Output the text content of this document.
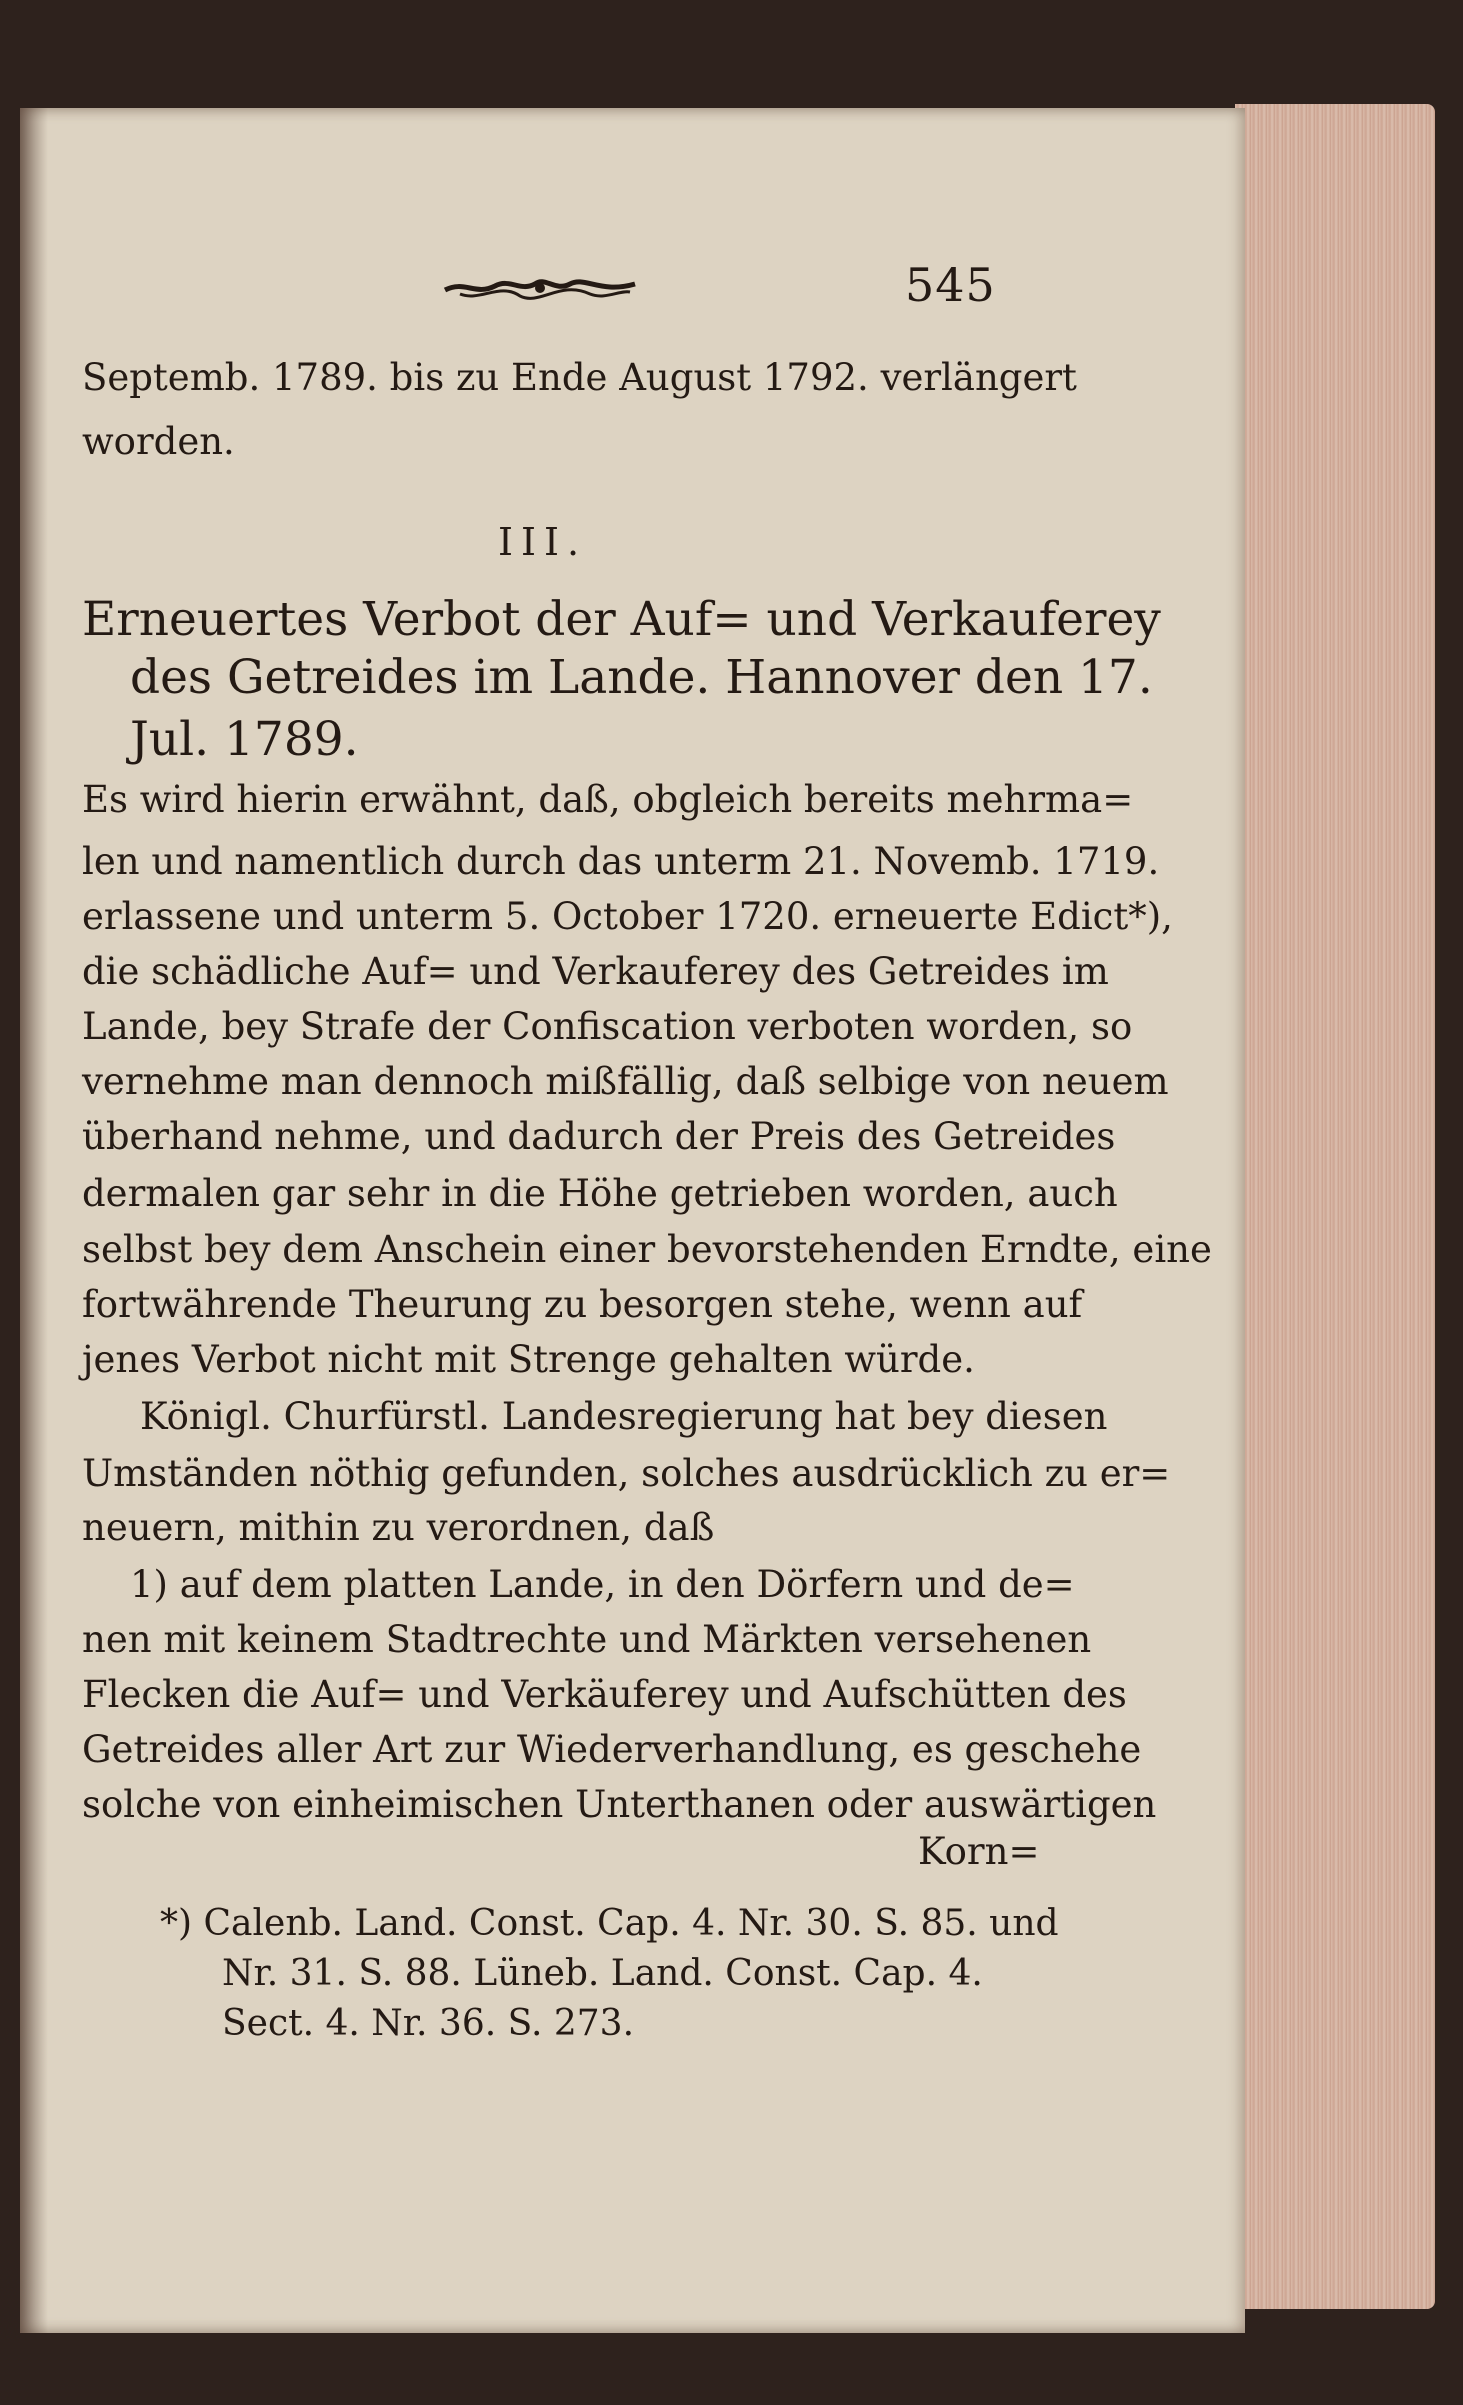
545
Septemb. 1789. bis zu Ende August 1792. verlängert
worden.
III.
Erneuertes Verbot der Auf= und Verkauferey
des Getreides im Lande. Hannover den 17.
Jul. 1789.
Es wird hierin erwähnt, daß, obgleich bereits mehrma=
len und namentlich durch das unterm 21. Novemb. 1719.
erlassene und unterm 5. October 1720. erneuerte Edict*),
die schädliche Auf= und Verkauferey des Getreides im
Lande, bey Strafe der Confiscation verboten worden, so
vernehme man dennoch mißfällig, daß selbige von neuem
überhand nehme, und dadurch der Preis des Getreides
dermalen gar sehr in die Höhe getrieben worden, auch
selbst bey dem Anschein einer bevorstehenden Erndte, eine
fortwährende Theurung zu besorgen stehe, wenn auf
jenes Verbot nicht mit Strenge gehalten würde.
Königl. Churfürstl. Landesregierung hat bey diesen
Umständen nöthig gefunden, solches ausdrücklich zu er=
neuern, mithin zu verordnen, daß
1) auf dem platten Lande, in den Dörfern und de=
nen mit keinem Stadtrechte und Märkten versehenen
Flecken die Auf= und Verkäuferey und Aufschütten des
Getreides aller Art zur Wiederverhandlung, es geschehe
solche von einheimischen Unterthanen oder auswärtigen
Korn=
*) Calenb. Land. Const. Cap. 4. Nr. 30. S. 85. und
Nr. 31. S. 88. Lüneb. Land. Const. Cap. 4.
Sect. 4. Nr. 36. S. 273.
